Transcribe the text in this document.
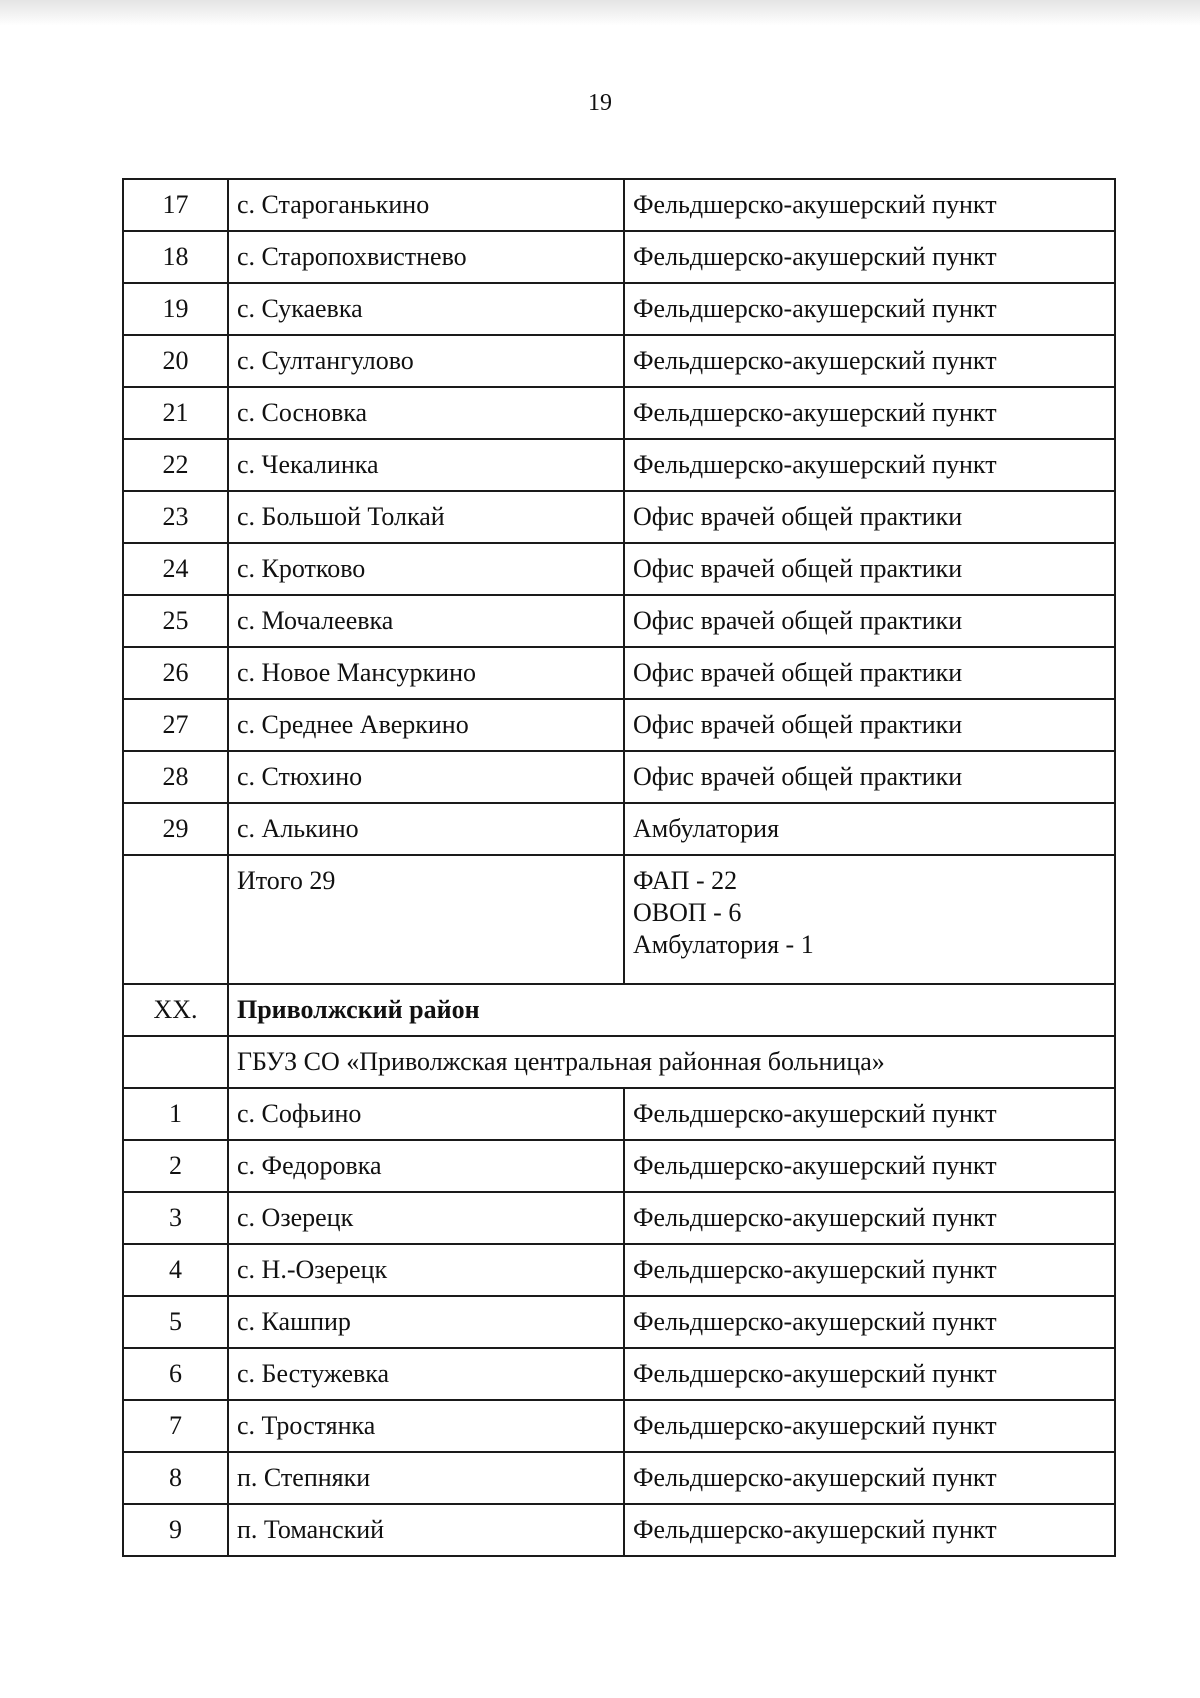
19
17	с. Староганькино	Фельдшерско-акушерский пункт
18	с. Старопохвистнево	Фельдшерско-акушерский пункт
19	с. Сукаевка	Фельдшерско-акушерский пункт
20	с. Султангулово	Фельдшерско-акушерский пункт
21	с. Сосновка	Фельдшерско-акушерский пункт
22	с. Чекалинка	Фельдшерско-акушерский пункт
23	с. Большой Толкай	Офис врачей общей практики
24	с. Кротково	Офис врачей общей практики
25	с. Мочалеевка	Офис врачей общей практики
26	с. Новое Мансуркино	Офис врачей общей практики
27	с. Среднее Аверкино	Офис врачей общей практики
28	с. Стюхино	Офис врачей общей практики
29	с. Алькино	Амбулатория
	Итого 29	ФАП - 22
ОВОП - 6
Амбулатория - 1

XX.	Приволжский район	
	ГБУЗ СО «Приволжская центральная районная больница»	
1	с. Софьино	Фельдшерско-акушерский пункт
2	с. Федоровка	Фельдшерско-акушерский пункт
3	с. Озерецк	Фельдшерско-акушерский пункт
4	с. Н.-Озерецк	Фельдшерско-акушерский пункт
5	с. Кашпир	Фельдшерско-акушерский пункт
6	с. Бестужевка	Фельдшерско-акушерский пункт
7	с. Тростянка	Фельдшерско-акушерский пункт
8	п. Степняки	Фельдшерско-акушерский пункт
9	п. Томанский	Фельдшерско-акушерский пункт
